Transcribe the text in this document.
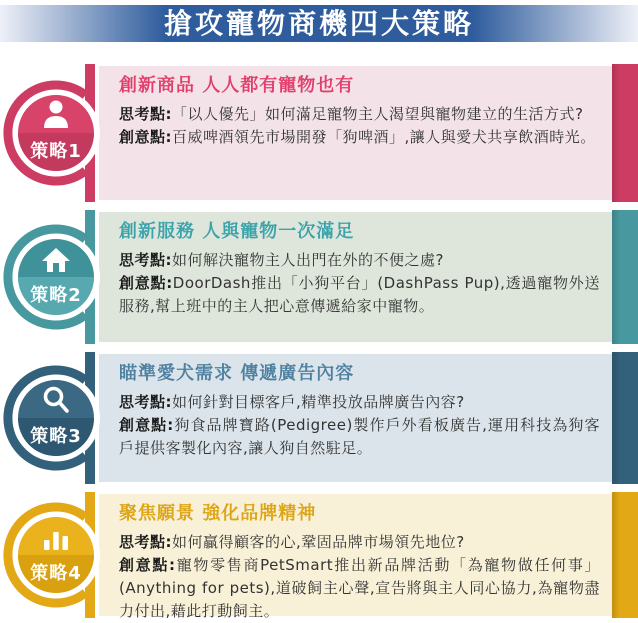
搶攻寵物商機四大策略
創新商品 人人都有寵物也有

思考點:「以人優先」如何滿足寵物主人渴望與寵物建立的生活方式?

創意點:百威啤酒領先市場開發「狗啤酒」,讓人與愛犬共享飲酒時光。

策略1
創新服務 人與寵物一次滿足

思考點:如何解決寵物主人出門在外的不便之處?

創意點:DoorDash推出「小狗平台」(DashPass Pup),透過寵物外送服務,幫上班中的主人把心意傳遞給家中寵物。

策略2
瞄準愛犬需求 傳遞廣告內容

思考點:如何針對目標客戶,精準投放品牌廣告內容?

創意點:狗食品牌寶路(Pedigree)製作戶外看板廣告,運用科技為狗客戶提供客製化內容,讓人狗自然駐足。

策略3
聚焦願景 強化品牌精神

思考點:如何贏得顧客的心,鞏固品牌市場領先地位?

創意點:寵物零售商PetSmart推出新品牌活動「為寵物做任何事」(Anything for pets),道破飼主心聲,宣告將與主人同心協力,為寵物盡力付出,藉此打動飼主。

策略4
